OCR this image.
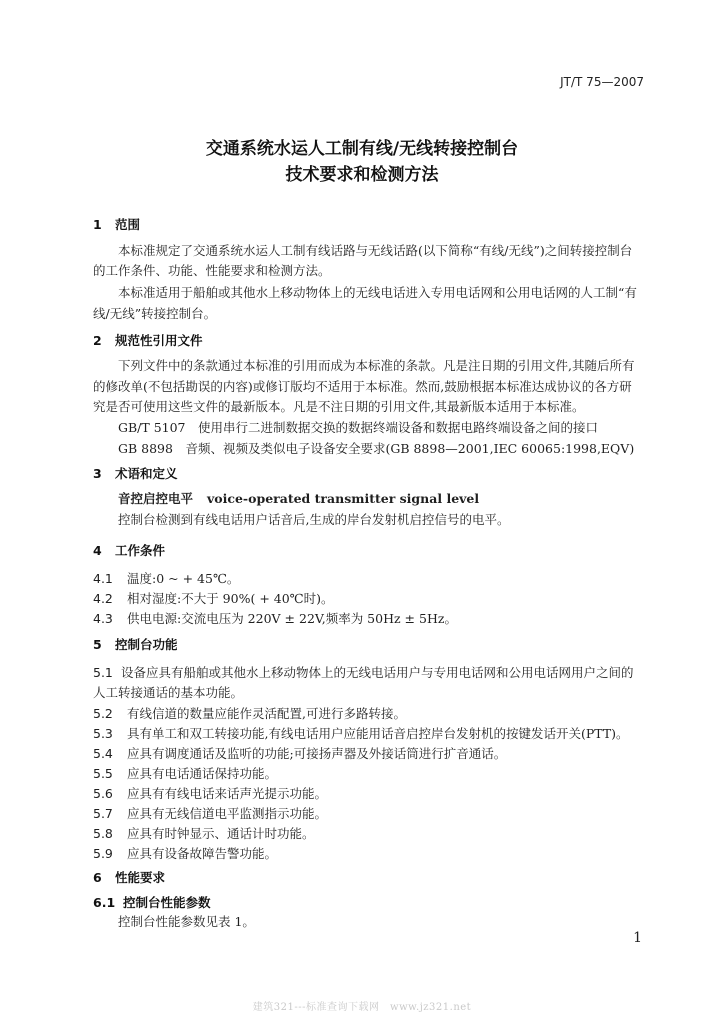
JT/T 75—2007
交通系统水运人工制有线/无线转接控制台
技术要求和检测方法
1 范围
本标准规定了交通系统水运人工制有线话路与无线话路(以下简称“有线/无线”)之间转接控制台
的工作条件、功能、性能要求和检测方法。
本标准适用于船舶或其他水上移动物体上的无线电话进入专用电话网和公用电话网的人工制“有
线/无线”转接控制台。
2 规范性引用文件
下列文件中的条款通过本标准的引用而成为本标准的条款。凡是注日期的引用文件,其随后所有
的修改单(不包括勘误的内容)或修订版均不适用于本标准。然而,鼓励根据本标准达成协议的各方研
究是否可使用这些文件的最新版本。凡是不注日期的引用文件,其最新版本适用于本标准。
GB/T 5107　使用串行二进制数据交换的数据终端设备和数据电路终端设备之间的接口
GB 8898　音频、视频及类似电子设备安全要求(GB 8898—2001,IEC 60065:1998,EQV)
3 术语和定义
音控启控电平 voice-operated transmitter signal level
控制台检测到有线电话用户话音后,生成的岸台发射机启控信号的电平。
4 工作条件
4.1 温度:0 ~ + 45℃。
4.2 相对湿度:不大于 90%( + 40℃时)。
4.3 供电电源:交流电压为 220V ± 22V,频率为 50Hz ± 5Hz。
5 控制台功能
5.1 设备应具有船舶或其他水上移动物体上的无线电话用户与专用电话网和公用电话网用户之间的
人工转接通话的基本功能。
5.2 有线信道的数量应能作灵活配置,可进行多路转接。
5.3 具有单工和双工转接功能,有线电话用户应能用话音启控岸台发射机的按键发话开关(PTT)。
5.4 应具有调度通话及监听的功能;可接扬声器及外接话筒进行扩音通话。
5.5 应具有电话通话保持功能。
5.6 应具有有线电话来话声光提示功能。
5.7 应具有无线信道电平监测指示功能。
5.8 应具有时钟显示、通话计时功能。
5.9 应具有设备故障告警功能。
6 性能要求
6.1 控制台性能参数
控制台性能参数见表 1。
1
建筑321---标准查询下载网　www.jz321.net
